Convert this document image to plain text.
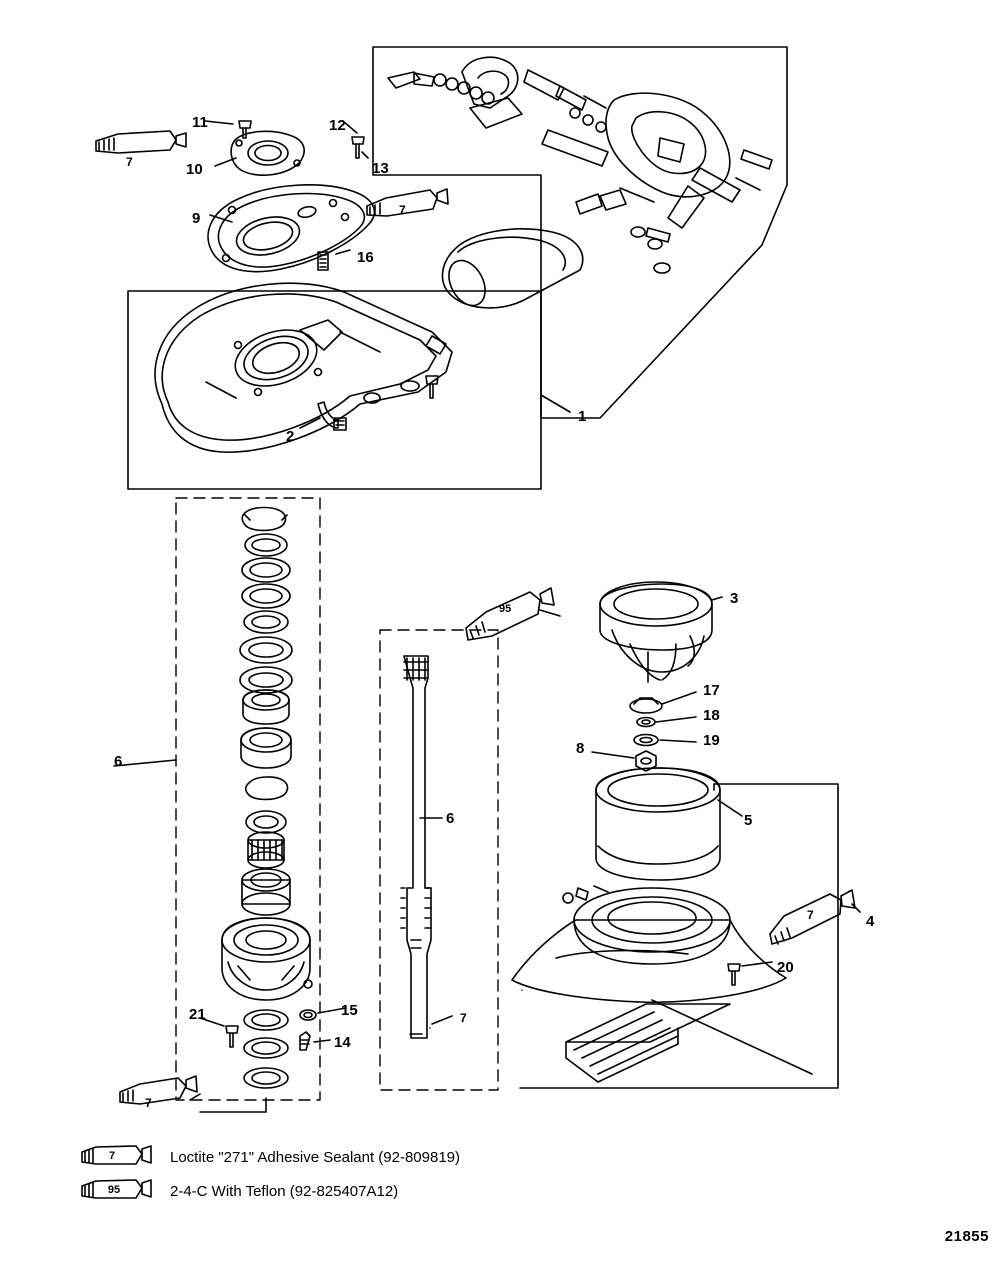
11	12
7	10	13
9	7
16
1
2
6
95
3
17
18
19
8
6	5
4
7
20
15
14
7
21
7
7	Loctite "271" Adhesive Sealant (92-809819)
95	2-4-C With Teflon (92-825407A12)
21855
